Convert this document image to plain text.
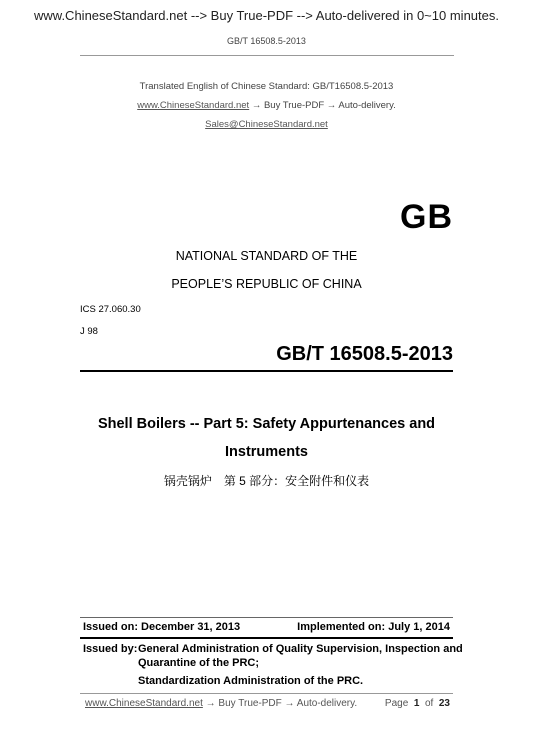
www.ChineseStandard.net --> Buy True-PDF --> Auto-delivered in 0~10 minutes.
GB/T 16508.5-2013
Translated English of Chinese Standard: GB/T16508.5-2013
www.ChineseStandard.net → Buy True-PDF → Auto-delivery.
Sales@ChineseStandard.net
GB
NATIONAL STANDARD OF THE
PEOPLE’S REPUBLIC OF CHINA
ICS 27.060.30
J 98
GB/T 16508.5-2013
Shell Boilers -- Part 5: Safety Appurtenances and
Instruments
锅壳锅炉　第 5 部分：安全附件和仪表
Issued on: December 31, 2013	Implemented on: July 1, 2014
Issued by: General Administration of Quality Supervision, Inspection and
Quarantine of the PRC;
Standardization Administration of the PRC.
www.ChineseStandard.net → Buy True-PDF → Auto-delivery.	Page 1 of 23
